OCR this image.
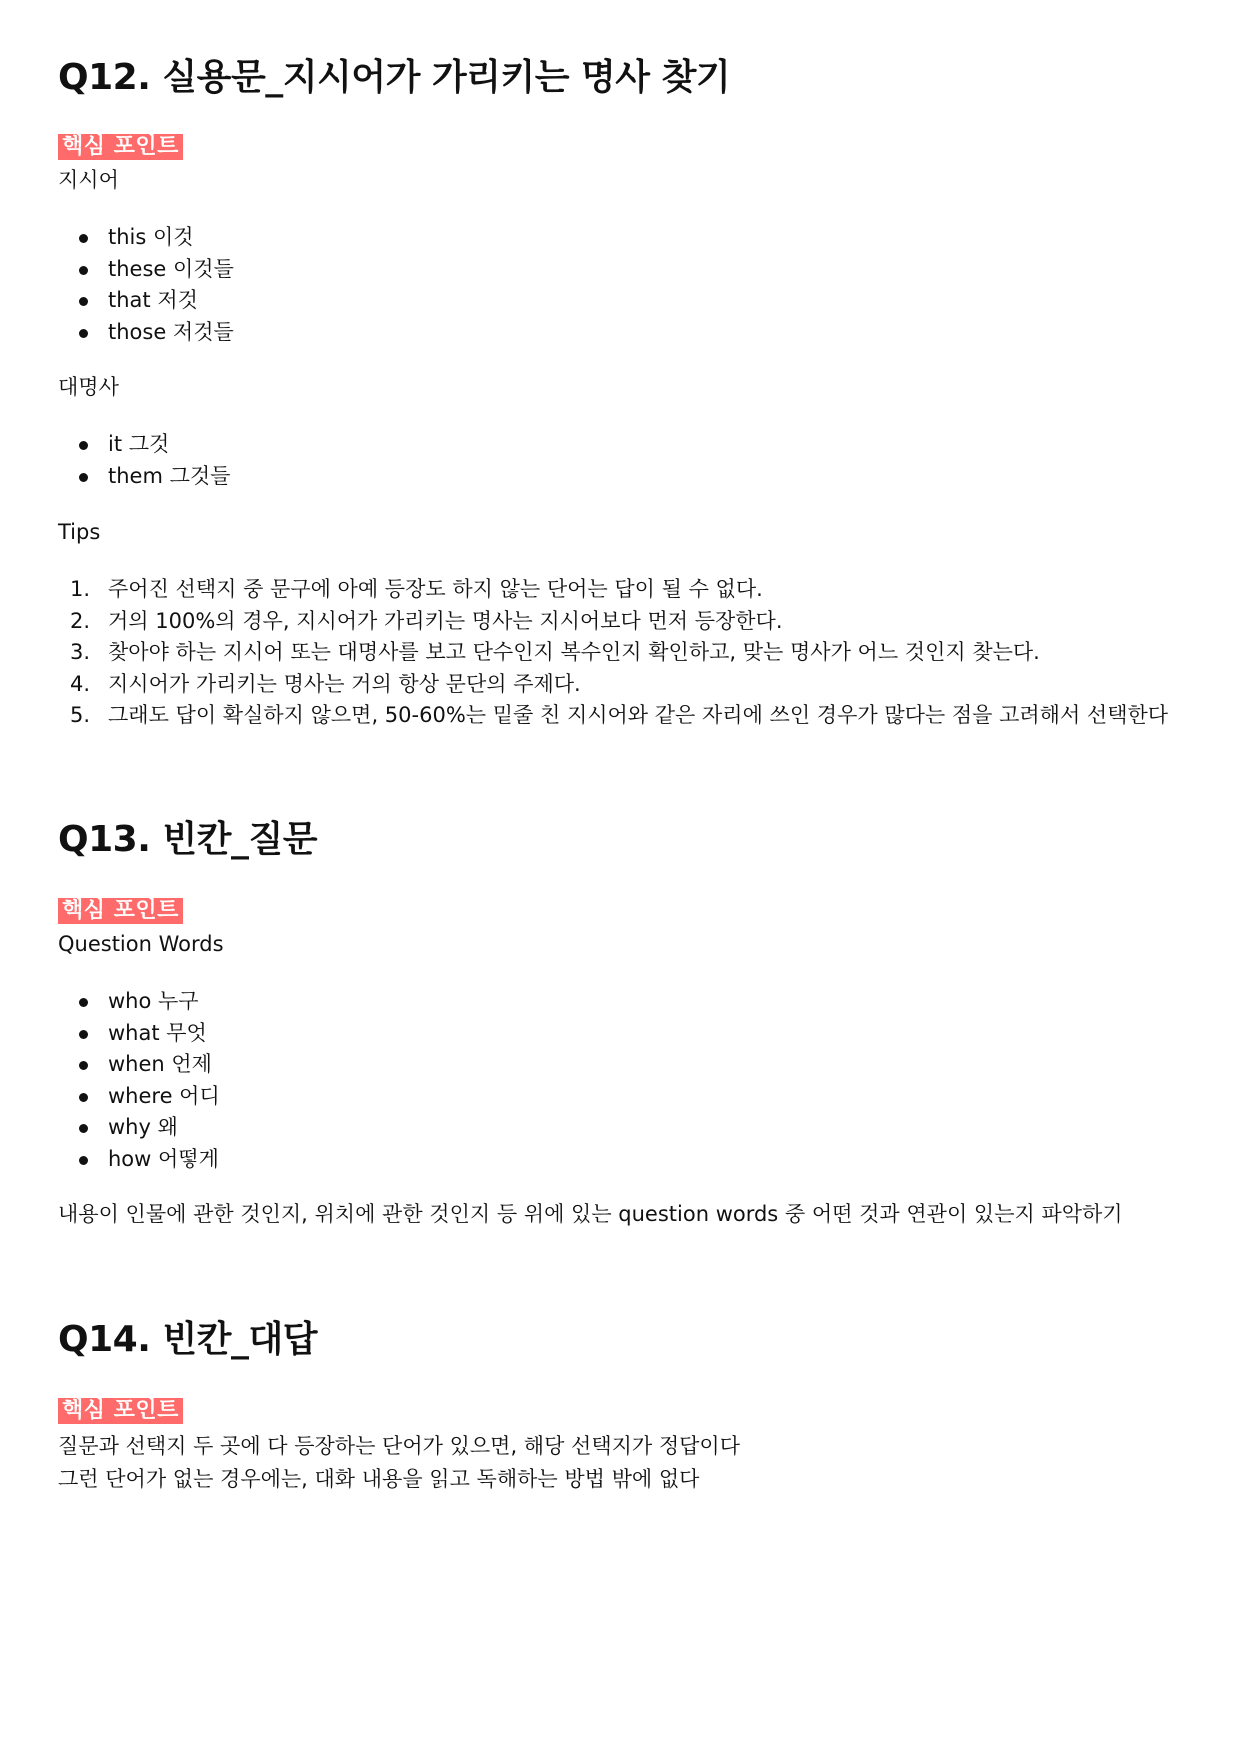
Q12. 실용문_지시어가 가리키는 명사 찾기
핵심 포인트

지시어

this 이것
these 이것들
that 저것
those 저것들

대명사

it 그것
them 그것들

Tips

1. 주어진 선택지 중 문구에 아예 등장도 하지 않는 단어는 답이 될 수 없다.
2. 거의 100%의 경우, 지시어가 가리키는 명사는 지시어보다 먼저 등장한다.
3. 찾아야 하는 지시어 또는 대명사를 보고 단수인지 복수인지 확인하고, 맞는 명사가 어느 것인지 찾는다.
4. 지시어가 가리키는 명사는 거의 항상 문단의 주제다.
5. 그래도 답이 확실하지 않으면, 50-60%는 밑줄 친 지시어와 같은 자리에 쓰인 경우가 많다는 점을 고려해서 선택한다
Q13. 빈칸_질문
핵심 포인트

Question Words

who 누구
what 무엇
when 언제
where 어디
why 왜
how 어떻게

내용이 인물에 관한 것인지, 위치에 관한 것인지 등 위에 있는 question words 중 어떤 것과 연관이 있는지 파악하기

Q14. 빈칸_대답
핵심 포인트

질문과 선택지 두 곳에 다 등장하는 단어가 있으면, 해당 선택지가 정답이다

그런 단어가 없는 경우에는, 대화 내용을 읽고 독해하는 방법 밖에 없다
